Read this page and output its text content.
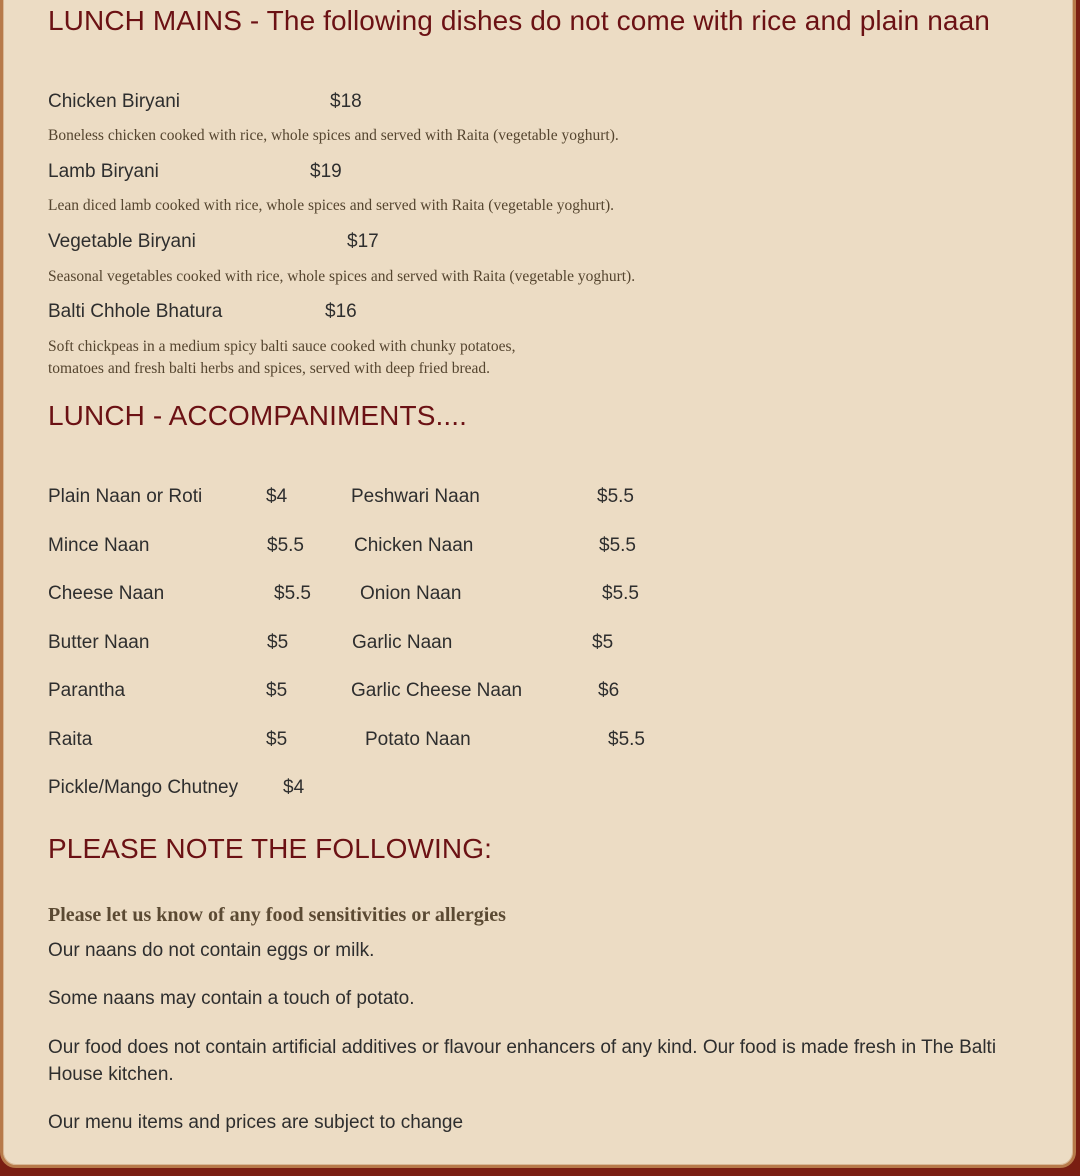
LUNCH MAINS - The following dishes do not come with rice and plain naan
Chicken Biryani	$18
Boneless chicken cooked with rice, whole spices and served with Raita (vegetable yoghurt).
Lamb Biryani	$19
Lean diced lamb cooked with rice, whole spices and served with Raita (vegetable yoghurt).
Vegetable Biryani	$17
Seasonal vegetables cooked with rice, whole spices and served with Raita (vegetable yoghurt).
Balti Chhole Bhatura	$16
Soft chickpeas in a medium spicy balti sauce cooked with chunky potatoes,
tomatoes and fresh balti herbs and spices, served with deep fried bread.
LUNCH - ACCOMPANIMENTS....
Plain Naan or Roti	$4	Peshwari Naan	$5.5
Mince Naan	$5.5	Chicken Naan	$5.5
Cheese Naan	$5.5	Onion Naan	$5.5
Butter Naan	$5	Garlic Naan	$5
Parantha	$5	Garlic Cheese Naan	$6
Raita	$5	Potato Naan	$5.5
Pickle/Mango Chutney $4
PLEASE NOTE THE FOLLOWING:
Please let us know of any food sensitivities or allergies
Our naans do not contain eggs or milk.
Some naans may contain a touch of potato.
Our food does not contain artificial additives or flavour enhancers of any kind. Our food is made fresh in The Balti House kitchen.
Our menu items and prices are subject to change
